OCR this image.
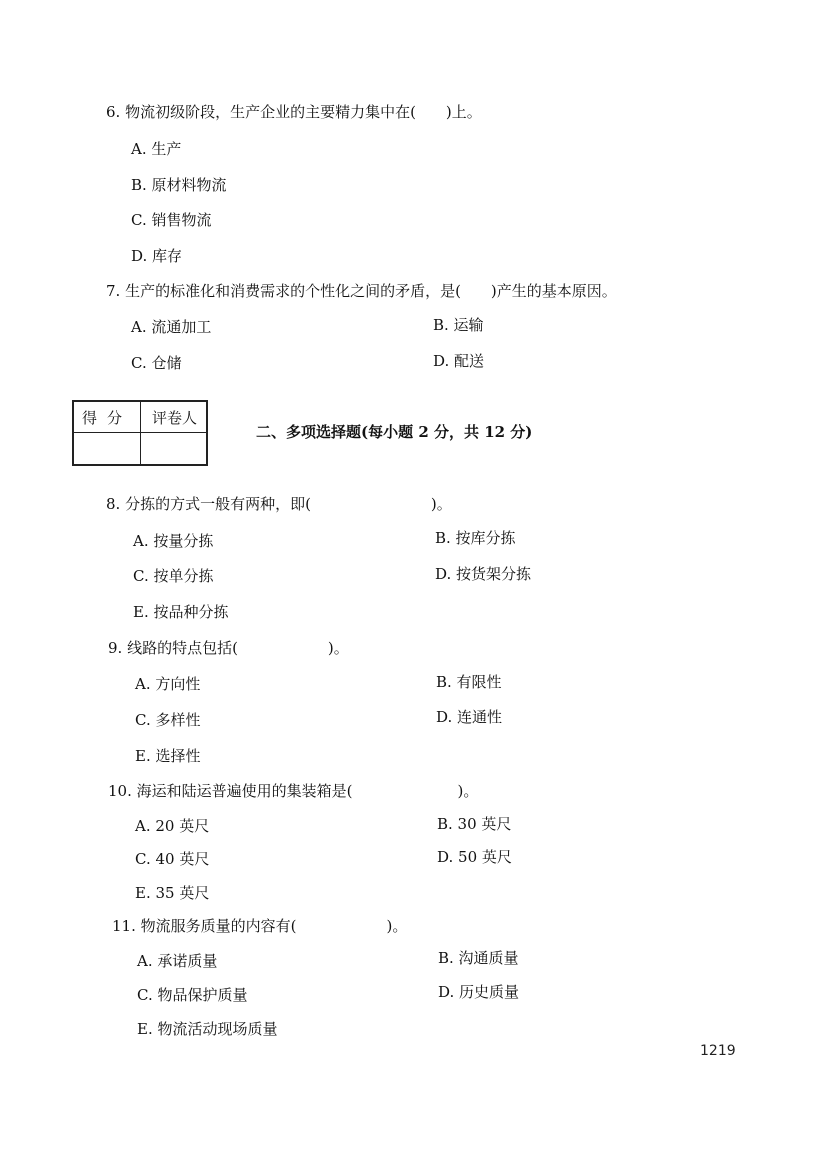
6. 物流初级阶段，生产企业的主要精力集中在(　　)上。
A. 生产
B. 原材料物流
C. 销售物流
D. 库存
7. 生产的标准化和消费需求的个性化之间的矛盾，是(　　)产生的基本原因。
A. 流通加工	B. 运输
C. 仓储	D. 配送
得分	评卷人
二、多项选择题(每小题 2 分，共 12 分)
8. 分拣的方式一般有两种，即(　　　　　　　　)。
A. 按量分拣	B. 按库分拣
C. 按单分拣	D. 按货架分拣
E. 按品种分拣
9. 线路的特点包括(　　　　　　)。
A. 方向性	B. 有限性
C. 多样性	D. 连通性
E. 选择性
10. 海运和陆运普遍使用的集装箱是(　　　　　　　)。
A. 20 英尺	B. 30 英尺
C. 40 英尺	D. 50 英尺
E. 35 英尺
11. 物流服务质量的内容有(　　　　　　)。
A. 承诺质量	B. 沟通质量
C. 物品保护质量	D. 历史质量
E. 物流活动现场质量
1219
